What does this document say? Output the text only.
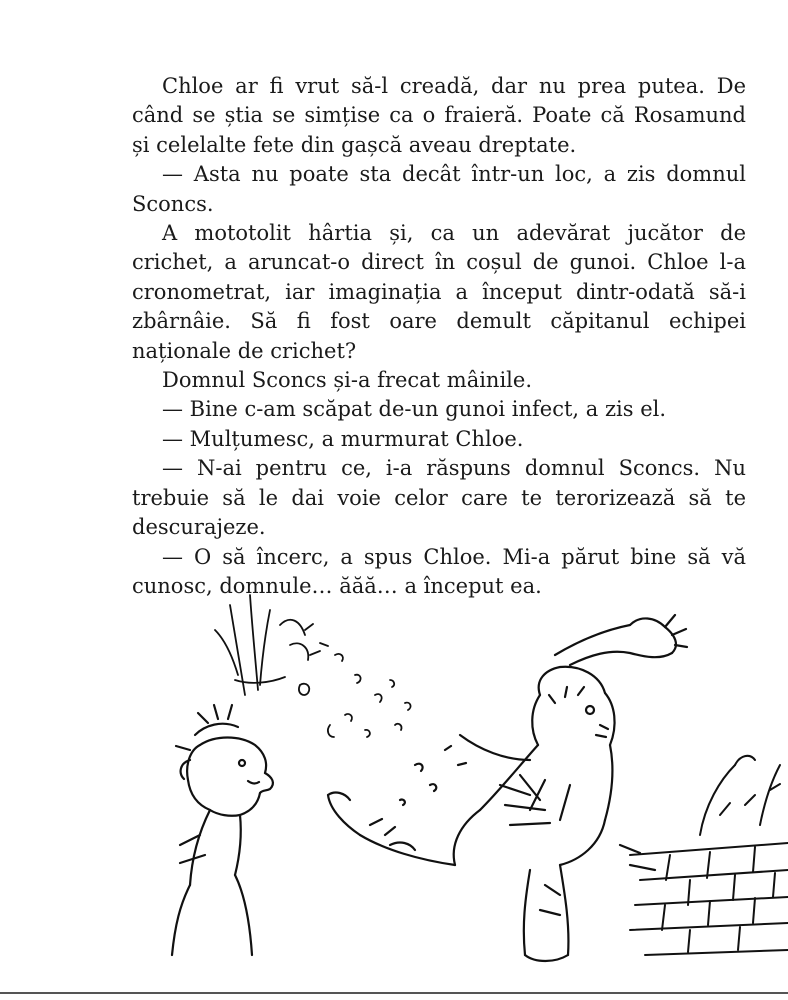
Chloe ar fi vrut să-l creadă, dar nu prea putea. De când se știa se simțise ca o fraieră. Poate că Rosamund și celelalte fete din gașcă aveau dreptate.

— Asta nu poate sta decât într-un loc, a zis domnul Sconcs.

A mototolit hârtia și, ca un adevărat jucător de crichet, a aruncat-o direct în coșul de gunoi. Chloe l-a cronometrat, iar imaginația a început dintr-odată să-i zbârnâie. Să fi fost oare demult căpitanul echipei naționale de crichet?

Domnul Sconcs și-a frecat mâinile.

— Bine c-am scăpat de-un gunoi infect, a zis el.

— Mulțumesc, a murmurat Chloe.

— N-ai pentru ce, i-a răspuns domnul Sconcs. Nu trebuie să le dai voie celor care te terorizează să te descurajeze.

— O să încerc, a spus Chloe. Mi-a părut bine să vă cunosc, domnule… ăăă… a început ea.
